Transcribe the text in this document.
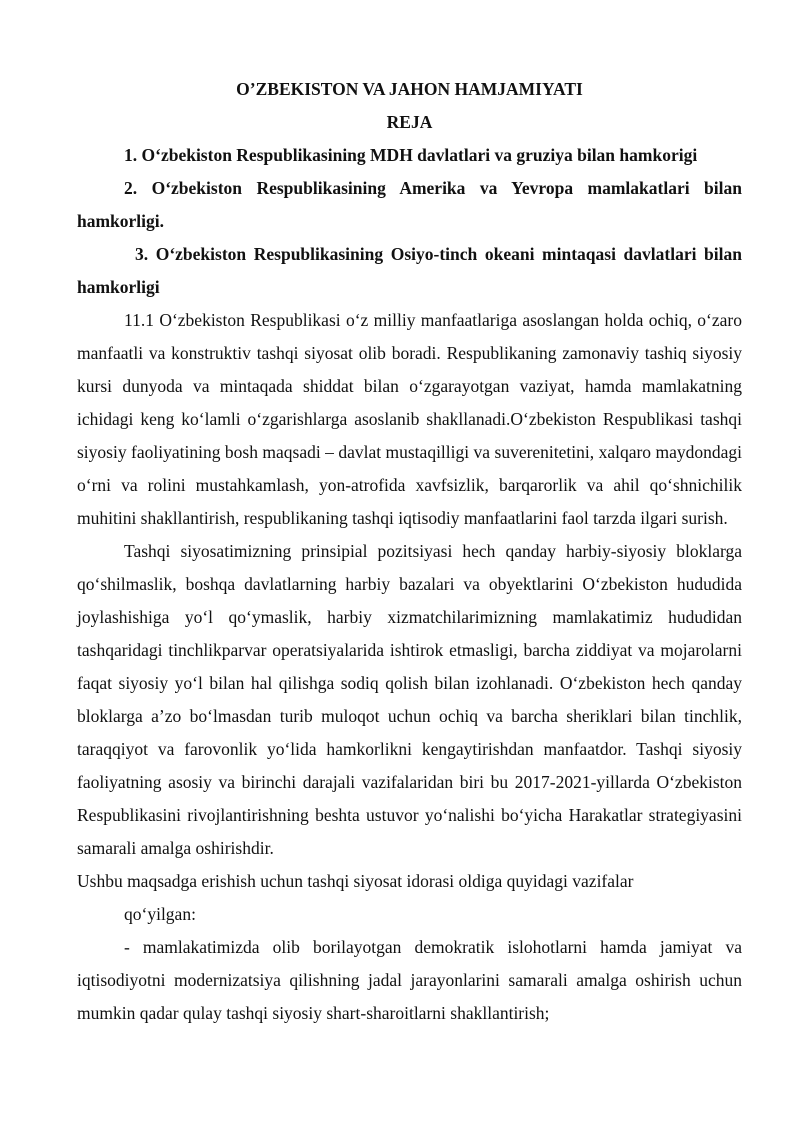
O’ZBEKISTON VA JAHON HAMJAMIYATI

REJA

1. O‘zbekiston Respublikasining MDH davlatlari va gruziya bilan hamkorigi

2. O‘zbekiston Respublikasining Amerika va Yevropa mamlakatlari bilan hamkorligi.

3. O‘zbekiston Respublikasining Osiyo-tinch okeani mintaqasi davlatlari bilan hamkorligi

11.1 O‘zbekiston Respublikasi o‘z milliy manfaatlariga asoslangan holda ochiq, o‘zaro manfaatli va konstruktiv tashqi siyosat olib boradi. Respublikaning zamonaviy tashiq siyosiy kursi dunyoda va mintaqada shiddat bilan o‘zgarayotgan vaziyat, hamda mamlakatning ichidagi keng ko‘lamli o‘zgarishlarga asoslanib shakllanadi.O‘zbekiston Respublikasi tashqi siyosiy faoliyatining bosh maqsadi – davlat mustaqilligi va suverenitetini, xalqaro maydondagi o‘rni va rolini mustahkamlash, yon-atrofida xavfsizlik, barqarorlik va ahil qo‘shnichilik muhitini shakllantirish, respublikaning tashqi iqtisodiy manfaatlarini faol tarzda ilgari surish.

Tashqi siyosatimizning prinsipial pozitsiyasi hech qanday harbiy-siyosiy bloklarga qo‘shilmaslik, boshqa davlatlarning harbiy bazalari va obyektlarini O‘zbekiston hududida joylashishiga yo‘l qo‘ymaslik, harbiy xizmatchilarimizning mamlakatimiz hududidan tashqaridagi tinchlikparvar operatsiyalarida ishtirok etmasligi, barcha ziddiyat va mojarolarni faqat siyosiy yo‘l bilan hal qilishga sodiq qolish bilan izohlanadi. O‘zbekiston hech qanday bloklarga a’zo bo‘lmasdan turib muloqot uchun ochiq va barcha sheriklari bilan tinchlik, taraqqiyot va farovonlik yo‘lida hamkorlikni kengaytirishdan manfaatdor. Tashqi siyosiy faoliyatning asosiy va birinchi darajali vazifalaridan biri bu 2017-2021-yillarda O‘zbekiston Respublikasini rivojlantirishning beshta ustuvor yo‘nalishi bo‘yicha Harakatlar strategiyasini samarali amalga oshirishdir.

Ushbu maqsadga erishish uchun tashqi siyosat idorasi oldiga quyidagi vazifalar

qo‘yilgan:

- mamlakatimizda olib borilayotgan demokratik islohotlarni hamda jamiyat va iqtisodiyotni modernizatsiya qilishning jadal jarayonlarini samarali amalga oshirish uchun mumkin qadar qulay tashqi siyosiy shart-sharoitlarni shakllantirish;
